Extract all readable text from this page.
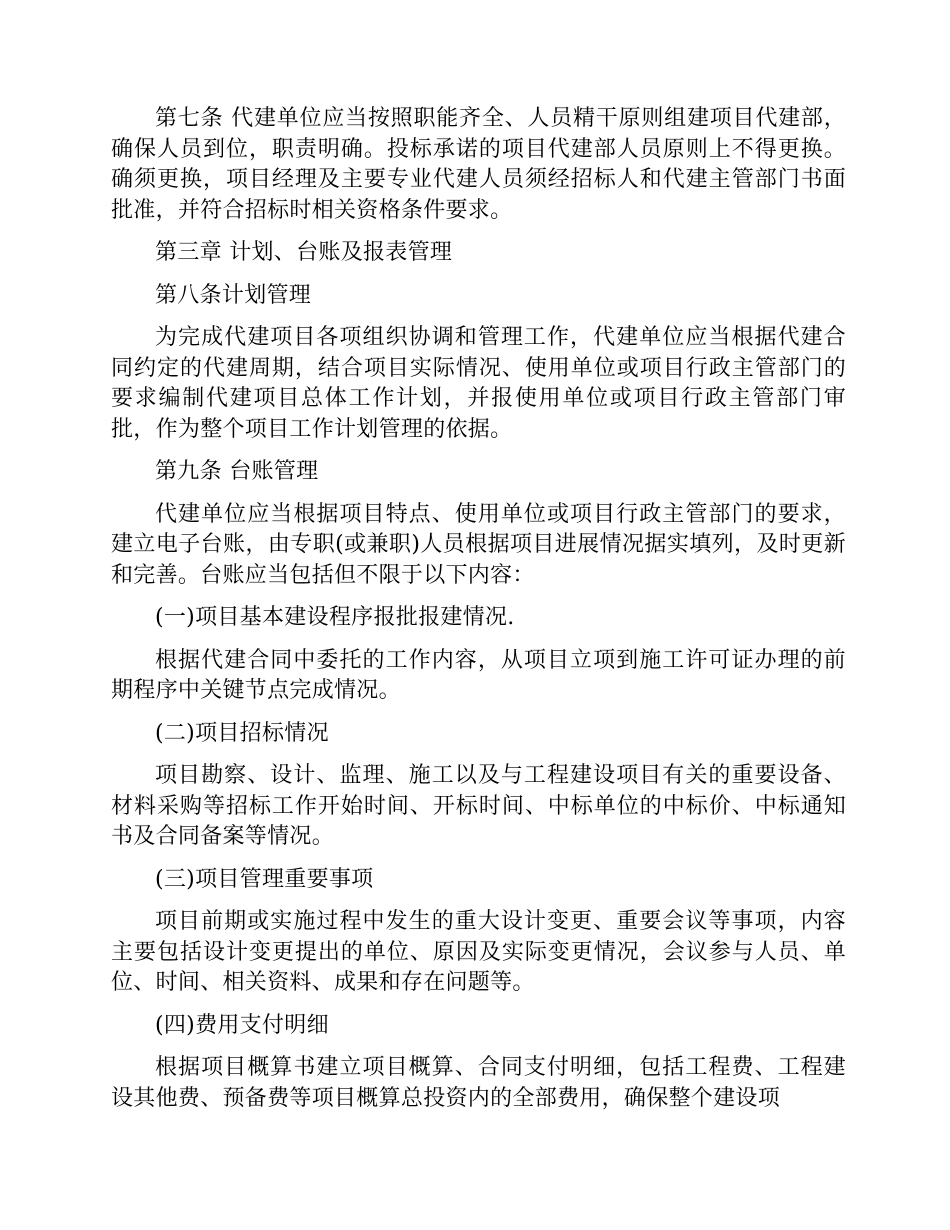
第七条 代建单位应当按照职能齐全、人员精干原则组建项目代建部，确保人员到位，职责明确。投标承诺的项目代建部人员原则上不得更换。确须更换，项目经理及主要专业代建人员须经招标人和代建主管部门书面批准，并符合招标时相关资格条件要求。

第三章 计划、台账及报表管理

第八条计划管理

为完成代建项目各项组织协调和管理工作，代建单位应当根据代建合同约定的代建周期，结合项目实际情况、使用单位或项目行政主管部门的要求编制代建项目总体工作计划，并报使用单位或项目行政主管部门审批，作为整个项目工作计划管理的依据。

第九条 台账管理

代建单位应当根据项目特点、使用单位或项目行政主管部门的要求，建立电子台账，由专职(或兼职)人员根据项目进展情况据实填列，及时更新和完善。台账应当包括但不限于以下内容：

(一)项目基本建设程序报批报建情况.

根据代建合同中委托的工作内容，从项目立项到施工许可证办理的前期程序中关键节点完成情况。

(二)项目招标情况

项目勘察、设计、监理、施工以及与工程建设项目有关的重要设备、材料采购等招标工作开始时间、开标时间、中标单位的中标价、中标通知书及合同备案等情况。

(三)项目管理重要事项

项目前期或实施过程中发生的重大设计变更、重要会议等事项，内容主要包括设计变更提出的单位、原因及实际变更情况，会议参与人员、单位、时间、相关资料、成果和存在问题等。

(四)费用支付明细

根据项目概算书建立项目概算、合同支付明细，包括工程费、工程建设其他费、预备费等项目概算总投资内的全部费用，确保整个建设项
